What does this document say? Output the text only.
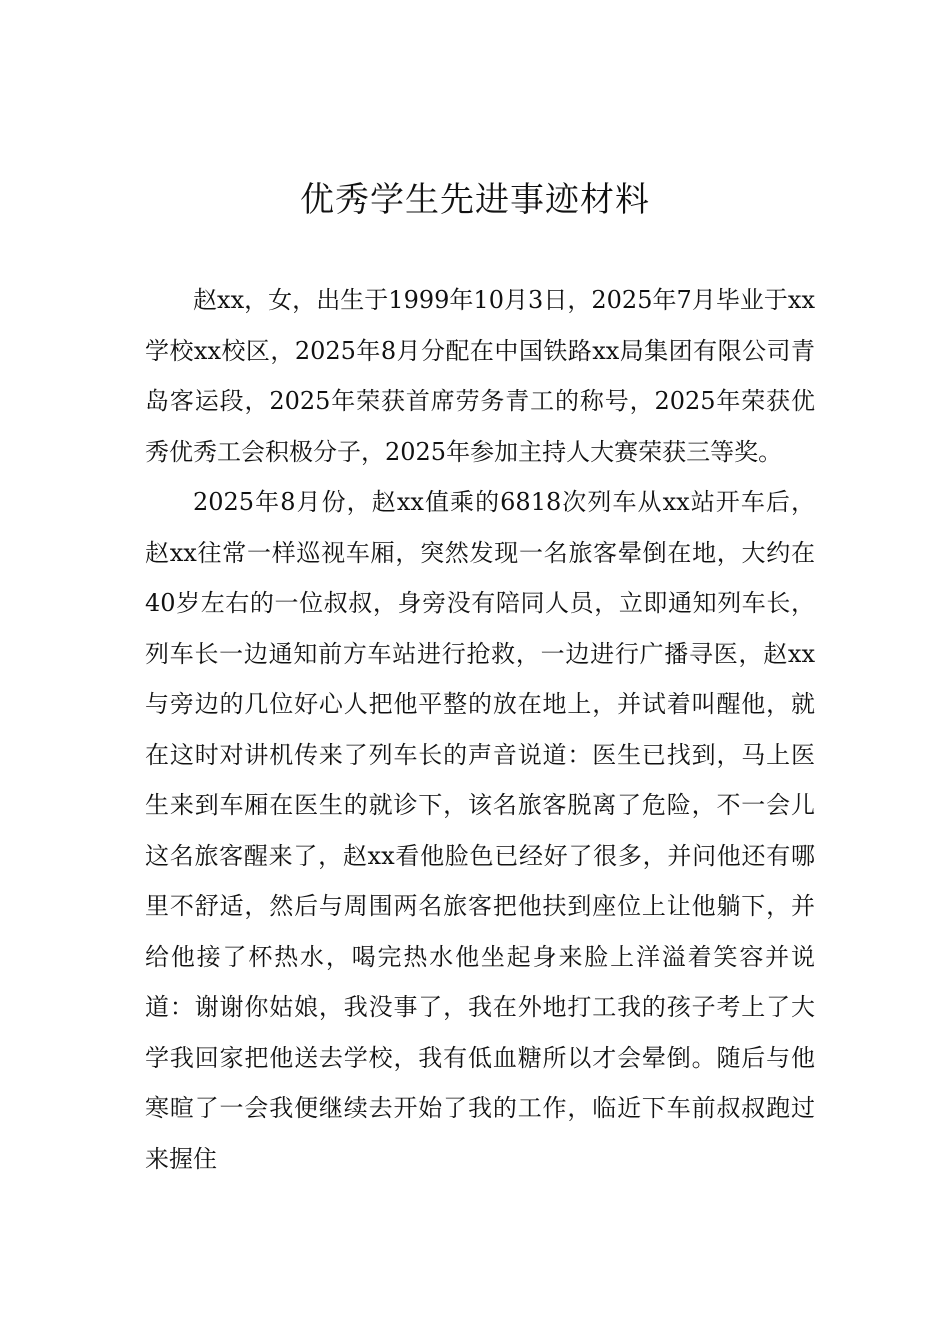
优秀学生先进事迹材料

赵xx，女，出生于1999年10月3日，2025年7月毕业于xx学校xx校区，2025年8月分配在中国铁路xx局集团有限公司青岛客运段，2025年荣获首席劳务青工的称号，2025年荣获优秀优秀工会积极分子，2025年参加主持人大赛荣获三等奖。

2025年8月份，赵xx值乘的6818次列车从xx站开车后，赵xx往常一样巡视车厢，突然发现一名旅客晕倒在地，大约在40岁左右的一位叔叔，身旁没有陪同人员，立即通知列车长，列车长一边通知前方车站进行抢救，一边进行广播寻医，赵xx与旁边的几位好心人把他平整的放在地上，并试着叫醒他，就在这时对讲机传来了列车长的声音说道：医生已找到，马上医生来到车厢在医生的就诊下，该名旅客脱离了危险，不一会儿这名旅客醒来了，赵xx看他脸色已经好了很多，并问他还有哪里不舒适，然后与周围两名旅客把他扶到座位上让他躺下，并给他接了杯热水，喝完热水他坐起身来脸上洋溢着笑容并说道：谢谢你姑娘，我没事了，我在外地打工我的孩子考上了大学我回家把他送去学校，我有低血糖所以才会晕倒。随后与他寒暄了一会我便继续去开始了我的工作，临近下车前叔叔跑过来握住
